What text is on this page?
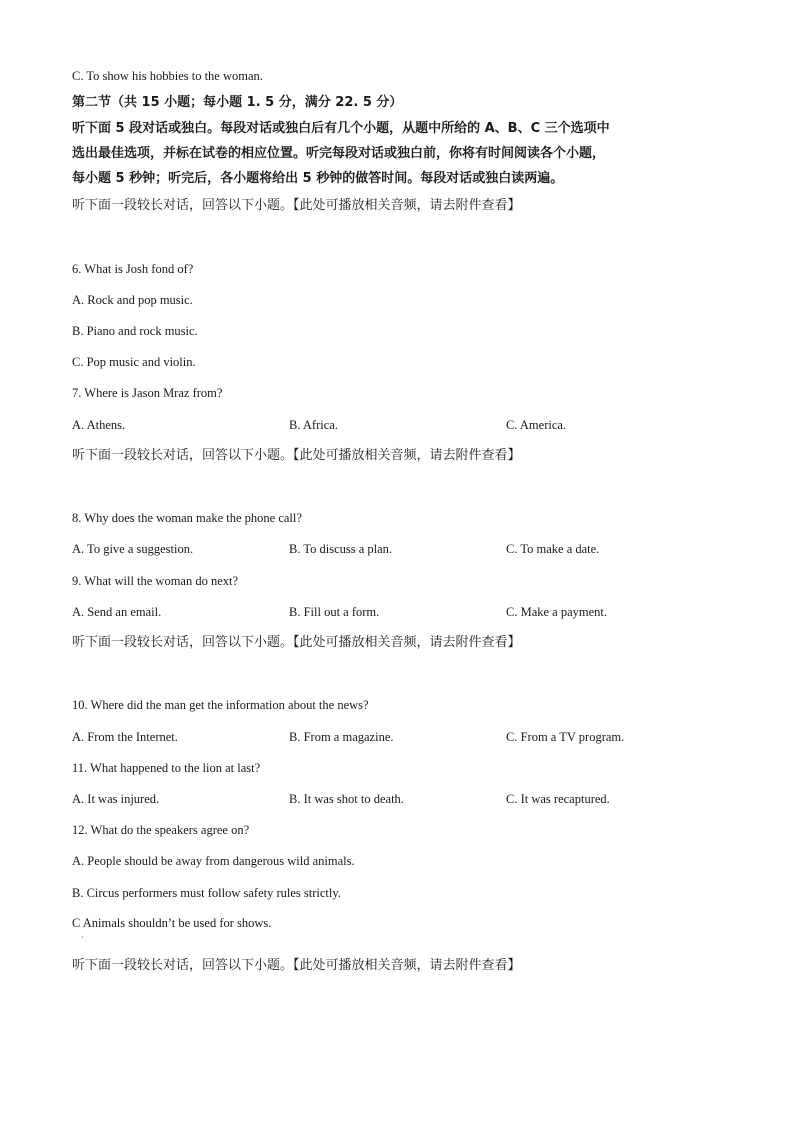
C. To show his hobbies to the woman.
第二节（共 15 小题；每小题 1. 5 分，满分 22. 5 分）
听下面 5 段对话或独白。每段对话或独白后有几个小题，从题中所给的 A、B、C 三个选项中
选出最佳选项，并标在试卷的相应位置。听完每段对话或独白前，你将有时间阅读各个小题，
每小题 5 秒钟；听完后，各小题将给出 5 秒钟的做答时间。每段对话或独白读两遍。
听下面一段较长对话，回答以下小题。【此处可播放相关音频，请去附件查看】
6. What is Josh fond of?
A. Rock and pop music.
B. Piano and rock music.
C. Pop music and violin.
7. Where is Jason Mraz from?
A. Athens.	B. Africa.	C. America.
听下面一段较长对话，回答以下小题。【此处可播放相关音频，请去附件查看】
8. Why does the woman make the phone call?
A. To give a suggestion.	B. To discuss a plan.	C. To make a date.
9. What will the woman do next?
A. Send an email.	B. Fill out a form.	C. Make a payment.
听下面一段较长对话，回答以下小题。【此处可播放相关音频，请去附件查看】
10. Where did the man get the information about the news?
A. From the Internet.	B. From a magazine.	C. From a TV program.
11. What happened to the lion at last?
A. It was injured.	B. It was shot to death.	C. It was recaptured.
12. What do the speakers agree on?
A. People should be away from dangerous wild animals.
B. Circus performers must follow safety rules strictly.
C Animals shouldn’t be used for shows.
·
听下面一段较长对话，回答以下小题。【此处可播放相关音频，请去附件查看】
